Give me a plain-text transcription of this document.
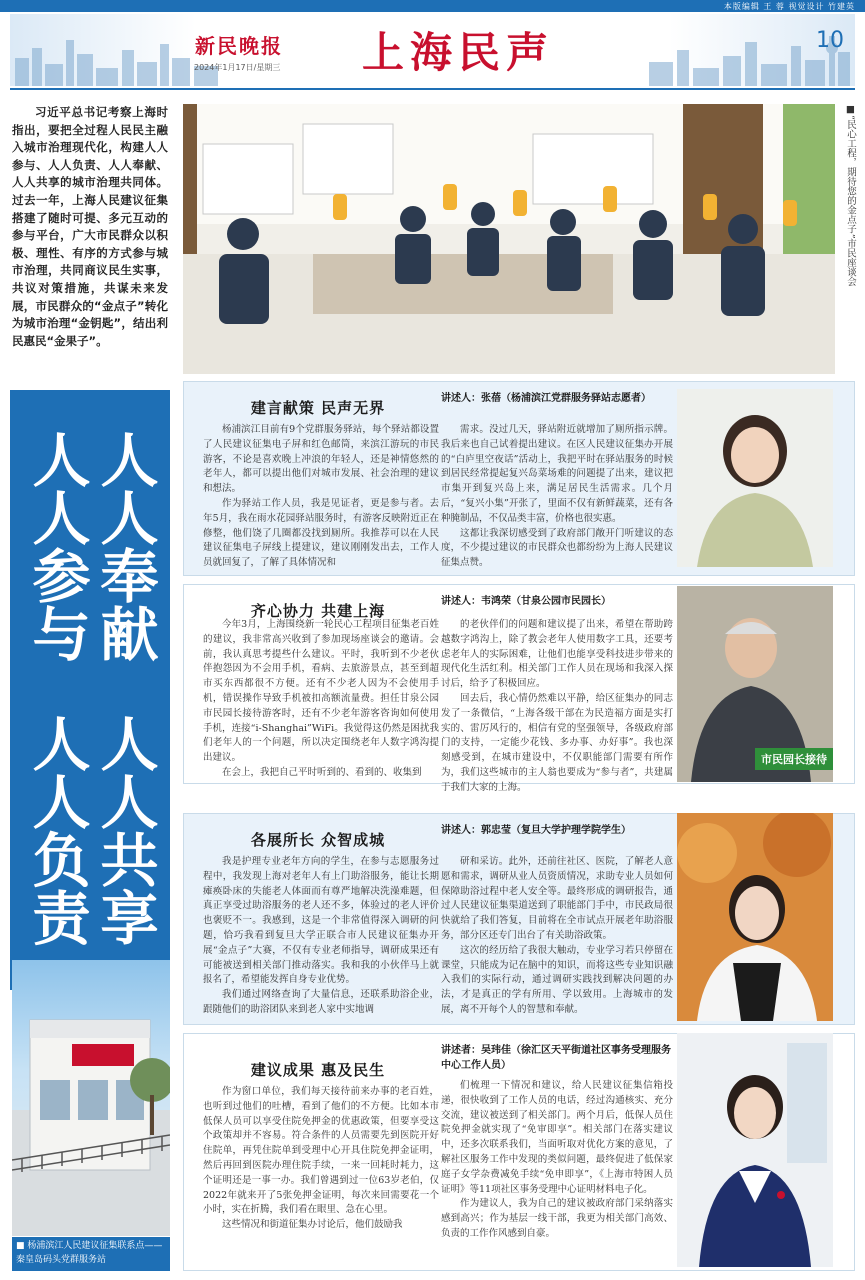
本版编辑 王 蓉 视觉设计 竹建英
新民晚报
2024年1月17日/星期三 上海民声	10
习近平总书记考察上海时指出，要把全过程人民民主融入城市治理现代化，构建人人参与、人人负责、人人奉献、人人共享的城市治理共同体。过去一年，上海人民建议征集搭建了随时可提、多元互动的参与平台，广大市民群众以积极、理性、有序的方式参与城市治理，共同商议民生实事，共议对策措施，共谋未来发展，市民群众的“金点子”转化为城市治理“金钥匙”，结出利民惠民“金果子”。
人人参与 人人奉献
人人负责 人人共享
■ 杨浦滨江人民建议征集联系点——秦皇岛码头党群服务站
■“民心工程，期待您的金点子”市民座谈会
建言献策 民声无界
讲述人：张蓓（杨浦滨江党群服务驿站志愿者）

杨浦滨江目前有9个党群服务驿站，每个驿站都设置了人民建议征集电子屏和红色邮筒，来滨江游玩的市民游客，不论是喜欢晚上冲浪的年轻人，还是神情悠然的老年人，都可以提出他们对城市发展、社会治理的建议和想法。

作为驿站工作人员，我是见证者，更是参与者。去年5月，我在雨水花园驿站服务时，有游客反映附近正在修整，他们饶了几圈都没找到厕所。我推荐可以在人民建议征集电子屏线上提建议，建议刚刚发出去，工作人员就回复了，了解了具体情况和

需求。没过几天，驿站附近就增加了厕所指示牌。我后来也自己试着提出建议。在区人民建议征集办开展的“白庐里空夜话”活动上，我把平时在驿站服务的时候到居民经常提起复兴岛菜场难的问题提了出来，建议把市集开到复兴岛上来，满足居民生活需求。几个月后，“复兴小集”开张了，里面不仅有新鲜蔬菜，还有各种腌制品，不仅品类丰富，价格也很实惠。

这都让我深切感受到了政府部门敞开门听建议的态度，不少提过建议的市民群众也都纷纷为上海人民建议征集点赞。

齐心协力 共建上海
讲述人：韦鸿荣（甘泉公园市民园长）

今年3月，上海围绕新一轮民心工程项目征集老百姓的建议，我非常高兴收到了参加现场座谈会的邀请。会前，我认真思考提些什么建议。平时，我听到不少老伙伴抱怨因为不会用手机，看病、去旅游景点，甚至到超市买东西都很不方便。还有不少老人因为不会使用手机，错误操作导致手机被扣高额流量费。担任甘泉公园市民园长接待游客时，还有不少老年游客咨询如何使用手机，连接“i-Shanghai”WiFi。我觉得这仍然是困扰我们老年人的一个问题，所以决定围绕老年人数字鸿沟提出建议。

在会上，我把自己平时听到的、看到的、收集到

的老伙伴们的问题和建议提了出来，希望在帮助跨越数字鸿沟上，除了教会老年人使用数字工具，还要考虑老年人的实际困难，让他们也能享受科技进步带来的现代化生活红利。相关部门工作人员在现场和我深入探讨后，给予了积极回应。

回去后，我心情仍然难以平静，给区征集办的同志发了一条微信，“上海各级干部在为民造福方面是实打实的、雷厉风行的，相信有党的坚强领导，各级政府部门的支持，一定能少花钱、多办事、办好事”。我也深刻感受到，在城市建设中，不仅职能部门需要有所作为，我们这些城市的主人翁也要成为“参与者”，共建属于我们大家的上海。

市民园长接待
各展所长 众智成城
讲述人：郭忠莹（复旦大学护理学院学生）

我是护理专业老年方向的学生，在参与志愿服务过程中，我发现上海对老年人有上门助浴服务，能让长期瘫痪卧床的失能老人体面而有尊严地解决洗澡难题，但真正享受过助浴服务的老人还不多，体验过的老人评价也褒贬不一。我感到，这是一个非常值得深入调研的问题，恰巧我看到复旦大学正联合市人民建议征集办开展“金点子”大赛，不仅有专业老师指导，调研成果还有可能被送到相关部门推动落实。我和我的小伙伴马上就报名了，希望能发挥自身专业优势。

我们通过网络查询了大量信息，还联系助浴企业，跟随他们的助浴团队来到老人家中实地调

研和采访。此外，还前往社区、医院，了解老人意愿和需求，调研从业人员资质情况，求助专业人员如何保障助浴过程中老人安全等。最终形成的调研报告，通过人民建议征集渠道送到了职能部门手中，市民政局很快就给了我们答复，目前将在全市试点开展老年助浴服务，部分区还专门出台了有关助浴政策。

这次的经历给了我很大触动，专业学习若只停留在课堂，只能成为记在脑中的知识，而将这些专业知识融入我们的实际行动，通过调研实践找到解决问题的办法，才是真正的学有所用、学以致用。上海城市的发展，离不开每个人的智慧和奉献。

建议成果 惠及民生
讲述者：吴玮佳（徐汇区天平街道社区事务受理服务中心工作人员）

作为窗口单位，我们每天接待前来办事的老百姓，也听到过他们的吐槽，看到了他们的不方便。比如本市低保人员可以享受住院免押金的优惠政策，但要享受这个政策却并不容易。符合条件的人员需要先到医院开好住院单，再凭住院单到受理中心开具住院免押金证明，然后再回到医院办理住院手续，一来一回耗时耗力，这个证明还是一事一办。我们曾遇到过一位63岁老伯，仅2022年就来开了5张免押金证明，每次来回需要花一个小时，实在折腾，我们看在眼里、急在心里。

这些情况和街道征集办讨论后，他们鼓励我

们梳理一下情况和建议，给人民建议征集信箱投递，很快收到了工作人员的电话，经过沟通核实、充分交流，建议被送到了相关部门。两个月后，低保人员住院免押金就实现了“免审即享”。相关部门在落实建议中，还多次联系我们，当面听取对优化方案的意见，了解社区服务工作中发现的类似问题，最终促进了低保家庭子女学杂费减免手续“免申即享”，《上海市特困人员证明》等11项社区事务受理中心证明材料电子化。

作为建议人，我为自己的建议被政府部门采纳落实感到高兴；作为基层一线干部，我更为相关部门高效、负责的工作作风感到自豪。
